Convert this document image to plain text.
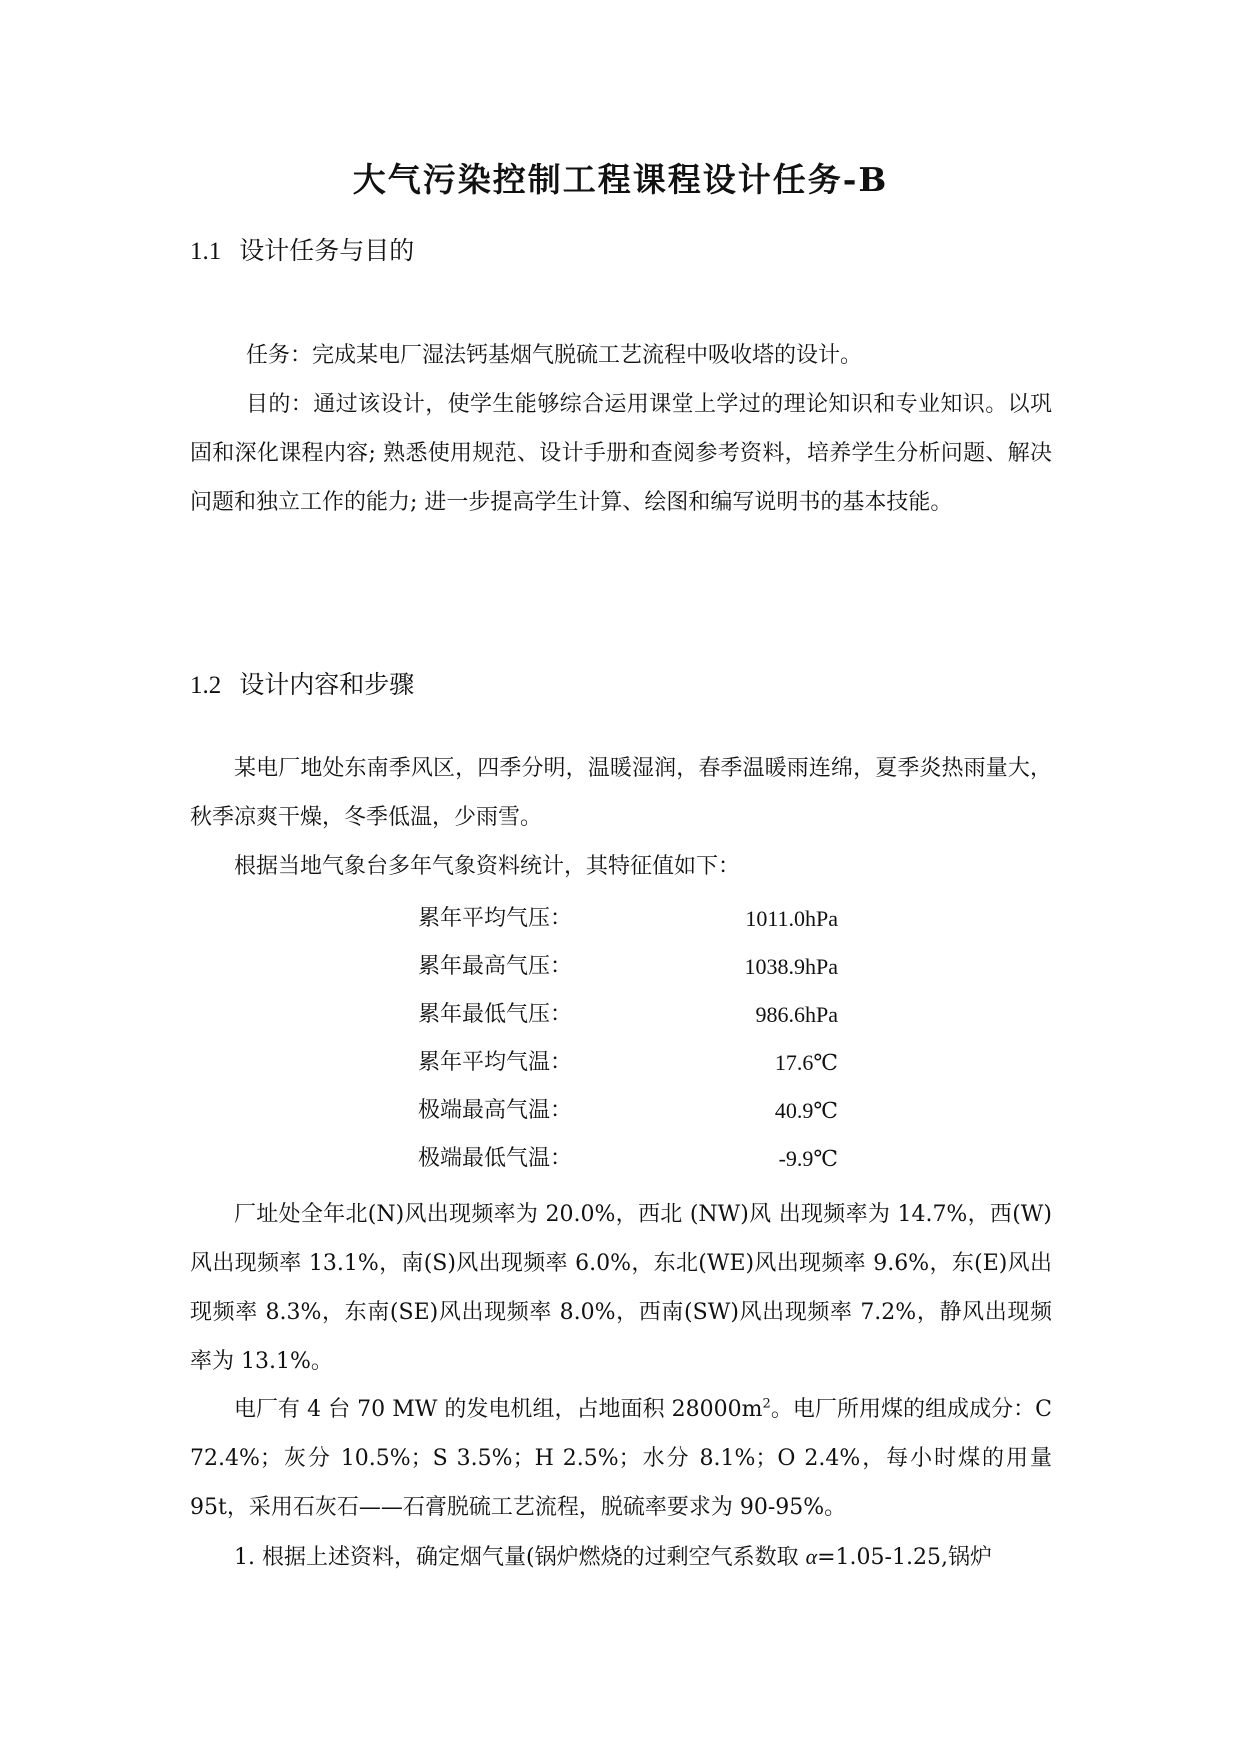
大气污染控制工程课程设计任务-B
1.1 设计任务与目的
任务：完成某电厂湿法钙基烟气脱硫工艺流程中吸收塔的设计。
目的：通过该设计，使学生能够综合运用课堂上学过的理论知识和专业知识。以巩固和深化课程内容; 熟悉使用规范、设计手册和查阅参考资料，培养学生分析问题、解决问题和独立工作的能力; 进一步提高学生计算、绘图和编写说明书的基本技能。
1.2 设计内容和步骤
某电厂地处东南季风区，四季分明，温暖湿润，春季温暖雨连绵，夏季炎热雨量大，秋季凉爽干燥，冬季低温，少雨雪。
根据当地气象台多年气象资料统计，其特征值如下：
累年平均气压：	1011.0hPa
累年最高气压：	1038.9hPa
累年最低气压：	986.6hPa
累年平均气温：	17.6℃
极端最高气温：	40.9℃
极端最低气温：	-9.9℃
厂址处全年北(N)风出现频率为 20.0%，西北 (NW)风 出现频率为 14.7%，西(W)风出现频率 13.1%，南(S)风出现频率 6.0%，东北(WE)风出现频率 9.6%，东(E)风出现频率 8.3%，东南(SE)风出现频率 8.0%，西南(SW)风出现频率 7.2%，静风出现频率为 13.1%。
电厂有 4 台 70 MW 的发电机组，占地面积 $28000m^2$。电厂所用煤的组成成分：C 72.4%；灰分 10.5%；S 3.5%；H 2.5%；水分 8.1%；O 2.4%，每小时煤的用量 95t，采用石灰石——石膏脱硫工艺流程，脱硫率要求为 90-95%。
1. 根据上述资料，确定烟气量(锅炉燃烧的过剩空气系数取 α=1.05-1.25,锅炉
